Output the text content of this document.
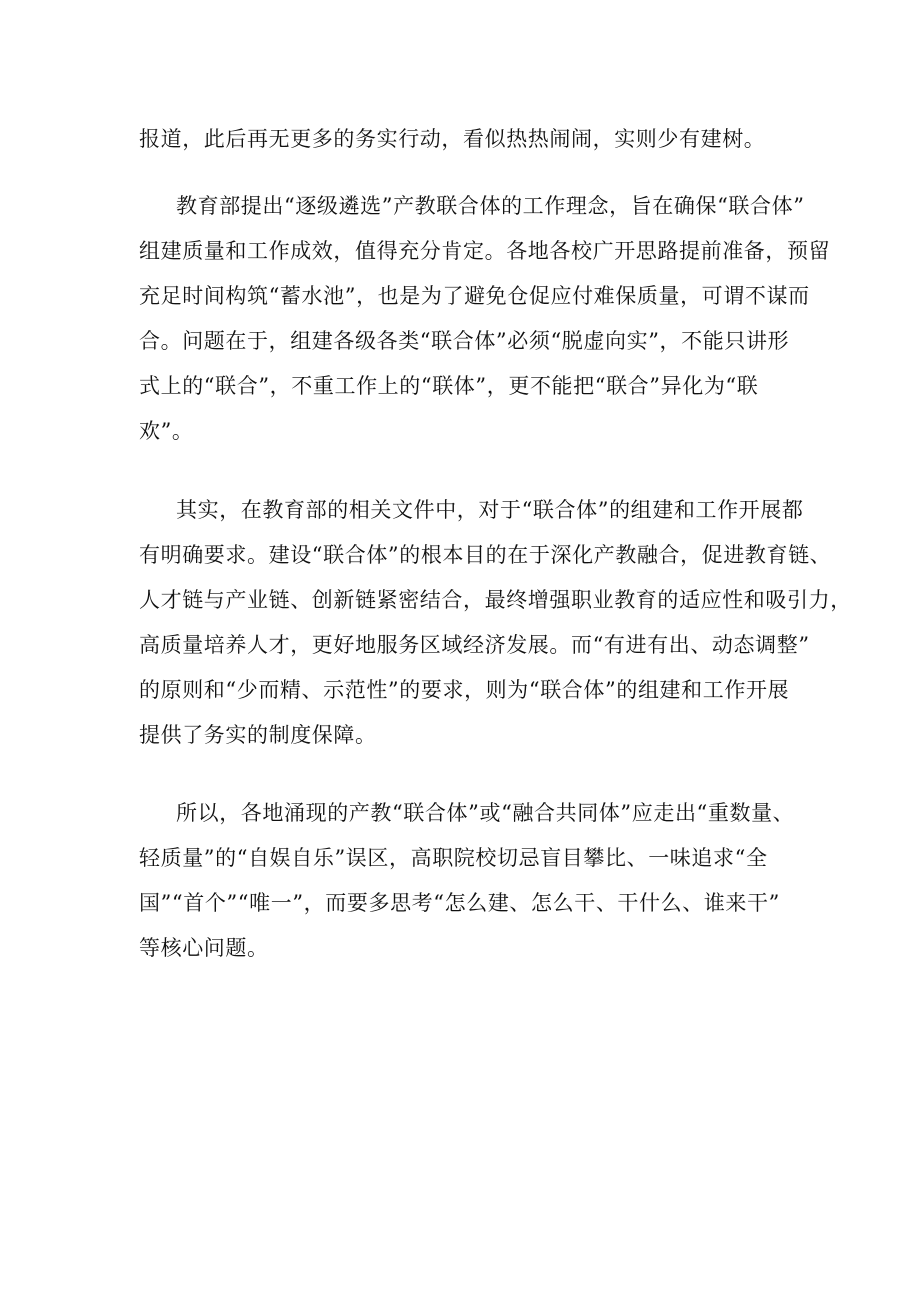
报道，此后再无更多的务实行动，看似热热闹闹，实则少有建树。
教育部提出“逐级遴选”产教联合体的工作理念，旨在确保“联合体”
组建质量和工作成效，值得充分肯定。各地各校广开思路提前准备，预留
充足时间构筑“蓄水池”，也是为了避免仓促应付难保质量，可谓不谋而
合。问题在于，组建各级各类“联合体”必须“脱虚向实”，不能只讲形
式上的“联合”，不重工作上的“联体”，更不能把“联合”异化为“联
欢”。
其实，在教育部的相关文件中，对于“联合体”的组建和工作开展都
有明确要求。建设“联合体”的根本目的在于深化产教融合，促进教育链、
人才链与产业链、创新链紧密结合，最终增强职业教育的适应性和吸引力，
高质量培养人才，更好地服务区域经济发展。而“有进有出、动态调整”
的原则和“少而精、示范性”的要求，则为“联合体”的组建和工作开展
提供了务实的制度保障。
所以，各地涌现的产教“联合体”或“融合共同体”应走出“重数量、
轻质量”的“自娱自乐”误区，高职院校切忌盲目攀比、一味追求“全
国”“首个”“唯一”，而要多思考“怎么建、怎么干、干什么、谁来干”
等核心问题。
